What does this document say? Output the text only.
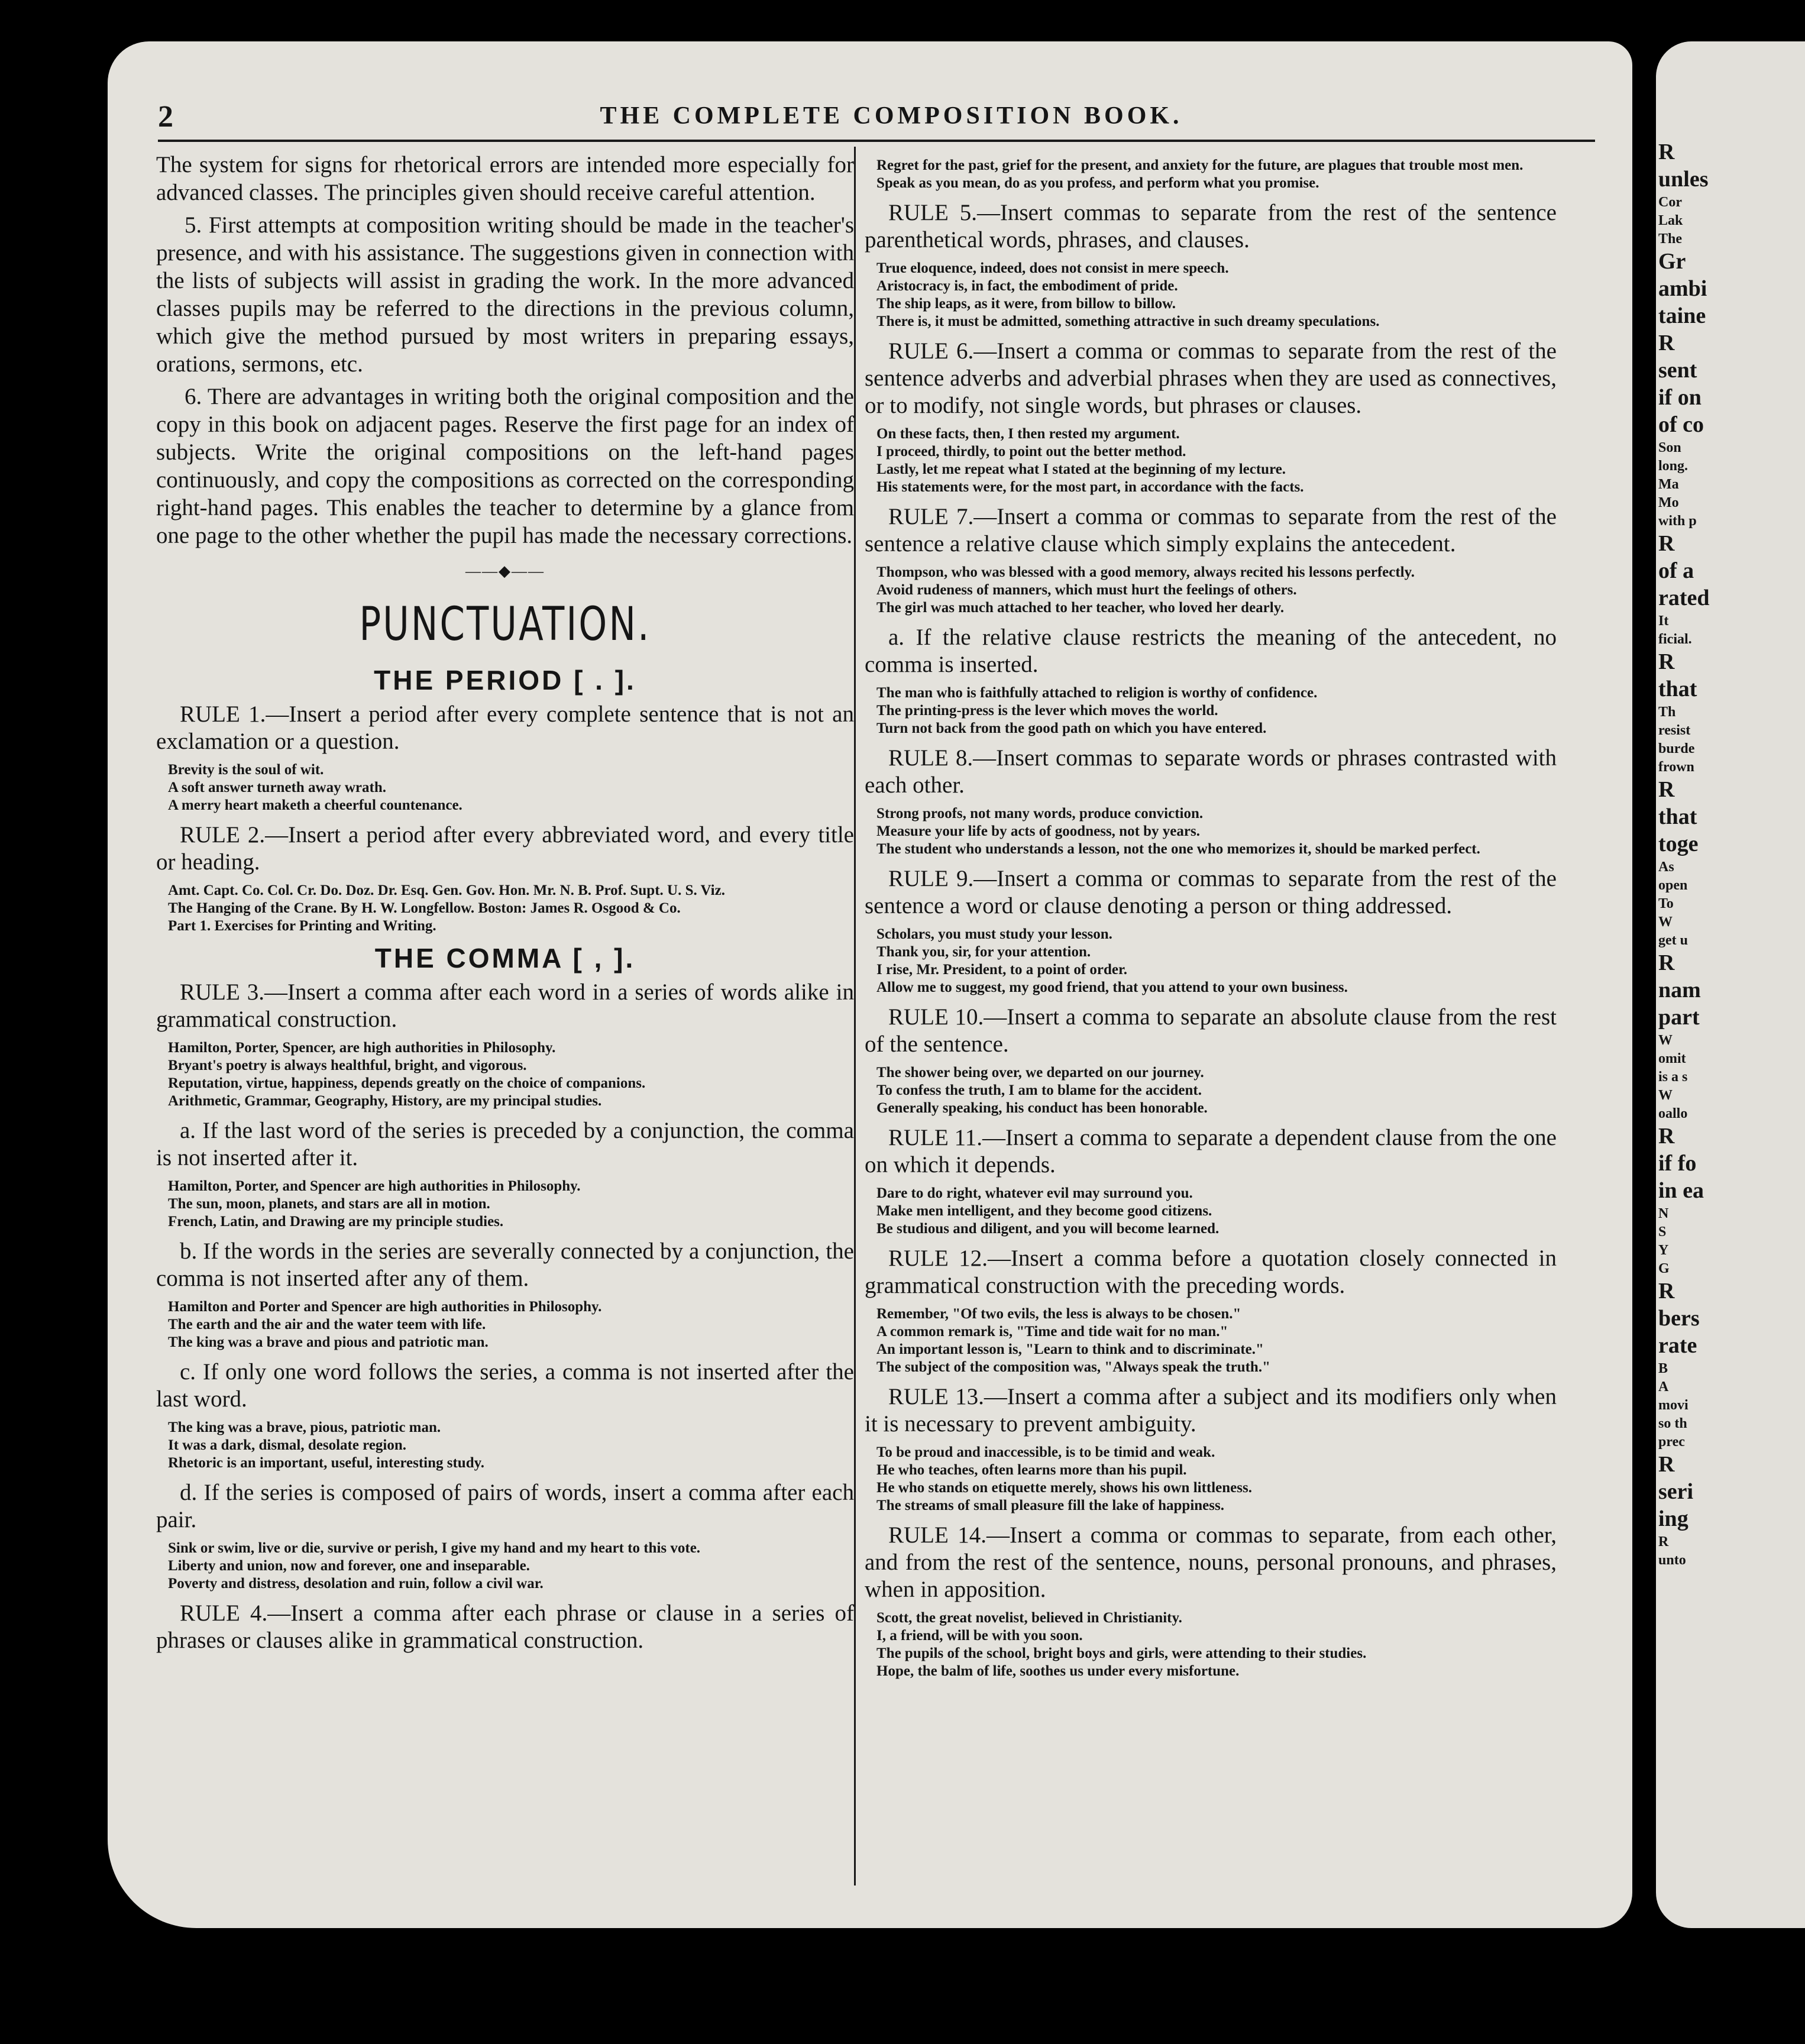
2	THE COMPLETE COMPOSITION BOOK.

The system for signs for rhetorical errors are intended more especially for advanced classes. The principles given should receive careful attention.

5. First attempts at composition writing should be made in the teacher's presence, and with his assistance. The suggestions given in connection with the lists of subjects will assist in grading the work. In the more advanced classes pupils may be referred to the directions in the previous column, which give the method pursued by most writers in preparing essays, orations, sermons, etc.

6. There are advantages in writing both the original composition and the copy in this book on adjacent pages. Reserve the first page for an index of subjects. Write the original compositions on the left-hand pages continuously, and copy the compositions as corrected on the corresponding right-hand pages. This enables the teacher to determine by a glance from one page to the other whether the pupil has made the necessary corrections.

——◆——
PUNCTUATION.
THE PERIOD [ . ].

RULE 1.—Insert a period after every complete sentence that is not an exclamation or a question.

Brevity is the soul of wit.
A soft answer turneth away wrath.
A merry heart maketh a cheerful countenance.

RULE 2.—Insert a period after every abbreviated word, and every title or heading.

Amt. Capt. Co. Col. Cr. Do. Doz. Dr. Esq. Gen. Gov. Hon. Mr. N. B. Prof. Supt. U. S. Viz.
The Hanging of the Crane. By H. W. Longfellow. Boston: James R. Osgood & Co.
Part 1. Exercises for Printing and Writing.
THE COMMA [ , ].

RULE 3.—Insert a comma after each word in a series of words alike in grammatical construction.

Hamilton, Porter, Spencer, are high authorities in Philosophy.
Bryant's poetry is always healthful, bright, and vigorous.
Reputation, virtue, happiness, depends greatly on the choice of companions.
Arithmetic, Grammar, Geography, History, are my principal studies.

a. If the last word of the series is preceded by a conjunction, the comma is not inserted after it.

Hamilton, Porter, and Spencer are high authorities in Philosophy.
The sun, moon, planets, and stars are all in motion.
French, Latin, and Drawing are my principle studies.

b. If the words in the series are severally connected by a conjunction, the comma is not inserted after any of them.

Hamilton and Porter and Spencer are high authorities in Philosophy.
The earth and the air and the water teem with life.
The king was a brave and pious and patriotic man.

c. If only one word follows the series, a comma is not inserted after the last word.

The king was a brave, pious, patriotic man.
It was a dark, dismal, desolate region.
Rhetoric is an important, useful, interesting study.

d. If the series is composed of pairs of words, insert a comma after each pair.

Sink or swim, live or die, survive or perish, I give my hand and my heart to this vote.
Liberty and union, now and forever, one and inseparable.
Poverty and distress, desolation and ruin, follow a civil war.

RULE 4.—Insert a comma after each phrase or clause in a series of phrases or clauses alike in grammatical construction.

Regret for the past, grief for the present, and anxiety for the future, are plagues that trouble most men.
Speak as you mean, do as you profess, and perform what you promise.

RULE 5.—Insert commas to separate from the rest of the sentence parenthetical words, phrases, and clauses.

True eloquence, indeed, does not consist in mere speech.
Aristocracy is, in fact, the embodiment of pride.
The ship leaps, as it were, from billow to billow.
There is, it must be admitted, something attractive in such dreamy speculations.

RULE 6.—Insert a comma or commas to separate from the rest of the sentence adverbs and adverbial phrases when they are used as connectives, or to modify, not single words, but phrases or clauses.

On these facts, then, I then rested my argument.
I proceed, thirdly, to point out the better method.
Lastly, let me repeat what I stated at the beginning of my lecture.
His statements were, for the most part, in accordance with the facts.

RULE 7.—Insert a comma or commas to separate from the rest of the sentence a relative clause which simply explains the antecedent.

Thompson, who was blessed with a good memory, always recited his lessons perfectly.
Avoid rudeness of manners, which must hurt the feelings of others.
The girl was much attached to her teacher, who loved her dearly.

a. If the relative clause restricts the meaning of the antecedent, no comma is inserted.

The man who is faithfully attached to religion is worthy of confidence.
The printing-press is the lever which moves the world.
Turn not back from the good path on which you have entered.

RULE 8.—Insert commas to separate words or phrases contrasted with each other.

Strong proofs, not many words, produce conviction.
Measure your life by acts of goodness, not by years.
The student who understands a lesson, not the one who memorizes it, should be marked perfect.

RULE 9.—Insert a comma or commas to separate from the rest of the sentence a word or clause denoting a person or thing addressed.

Scholars, you must study your lesson.
Thank you, sir, for your attention.
I rise, Mr. President, to a point of order.
Allow me to suggest, my good friend, that you attend to your own business.

RULE 10.—Insert a comma to separate an absolute clause from the rest of the sentence.

The shower being over, we departed on our journey.
To confess the truth, I am to blame for the accident.
Generally speaking, his conduct has been honorable.

RULE 11.—Insert a comma to separate a dependent clause from the one on which it depends.

Dare to do right, whatever evil may surround you.
Make men intelligent, and they become good citizens.
Be studious and diligent, and you will become learned.

RULE 12.—Insert a comma before a quotation closely connected in grammatical construction with the preceding words.

Remember, "Of two evils, the less is always to be chosen."
A common remark is, "Time and tide wait for no man."
An important lesson is, "Learn to think and to discriminate."
The subject of the composition was, "Always speak the truth."

RULE 13.—Insert a comma after a subject and its modifiers only when it is necessary to prevent ambiguity.

To be proud and inaccessible, is to be timid and weak.
He who teaches, often learns more than his pupil.
He who stands on etiquette merely, shows his own littleness.
The streams of small pleasure fill the lake of happiness.

RULE 14.—Insert a comma or commas to separate, from each other, and from the rest of the sentence, nouns, personal pronouns, and phrases, when in apposition.

Scott, the great novelist, believed in Christianity.
I, a friend, will be with you soon.
The pupils of the school, bright boys and girls, were attending to their studies.
Hope, the balm of life, soothes us under every misfortune.
R
unles
Cor
Lak
The
Gr
ambi
taine
R
sent
if on
of co
Son
long.
Ma
Mo
with p
R
of a
rated
It
ficial.
R
that
Th
resist
burde
frown
R
that
toge
As
open
To
W
get u
R
nam
part
W
omit
is a s
W
oallo
R
if fo
in ea
N
S
Y
G
R
bers
rate
B
A
movi
so th
prec
R
seri
ing
R
unto
